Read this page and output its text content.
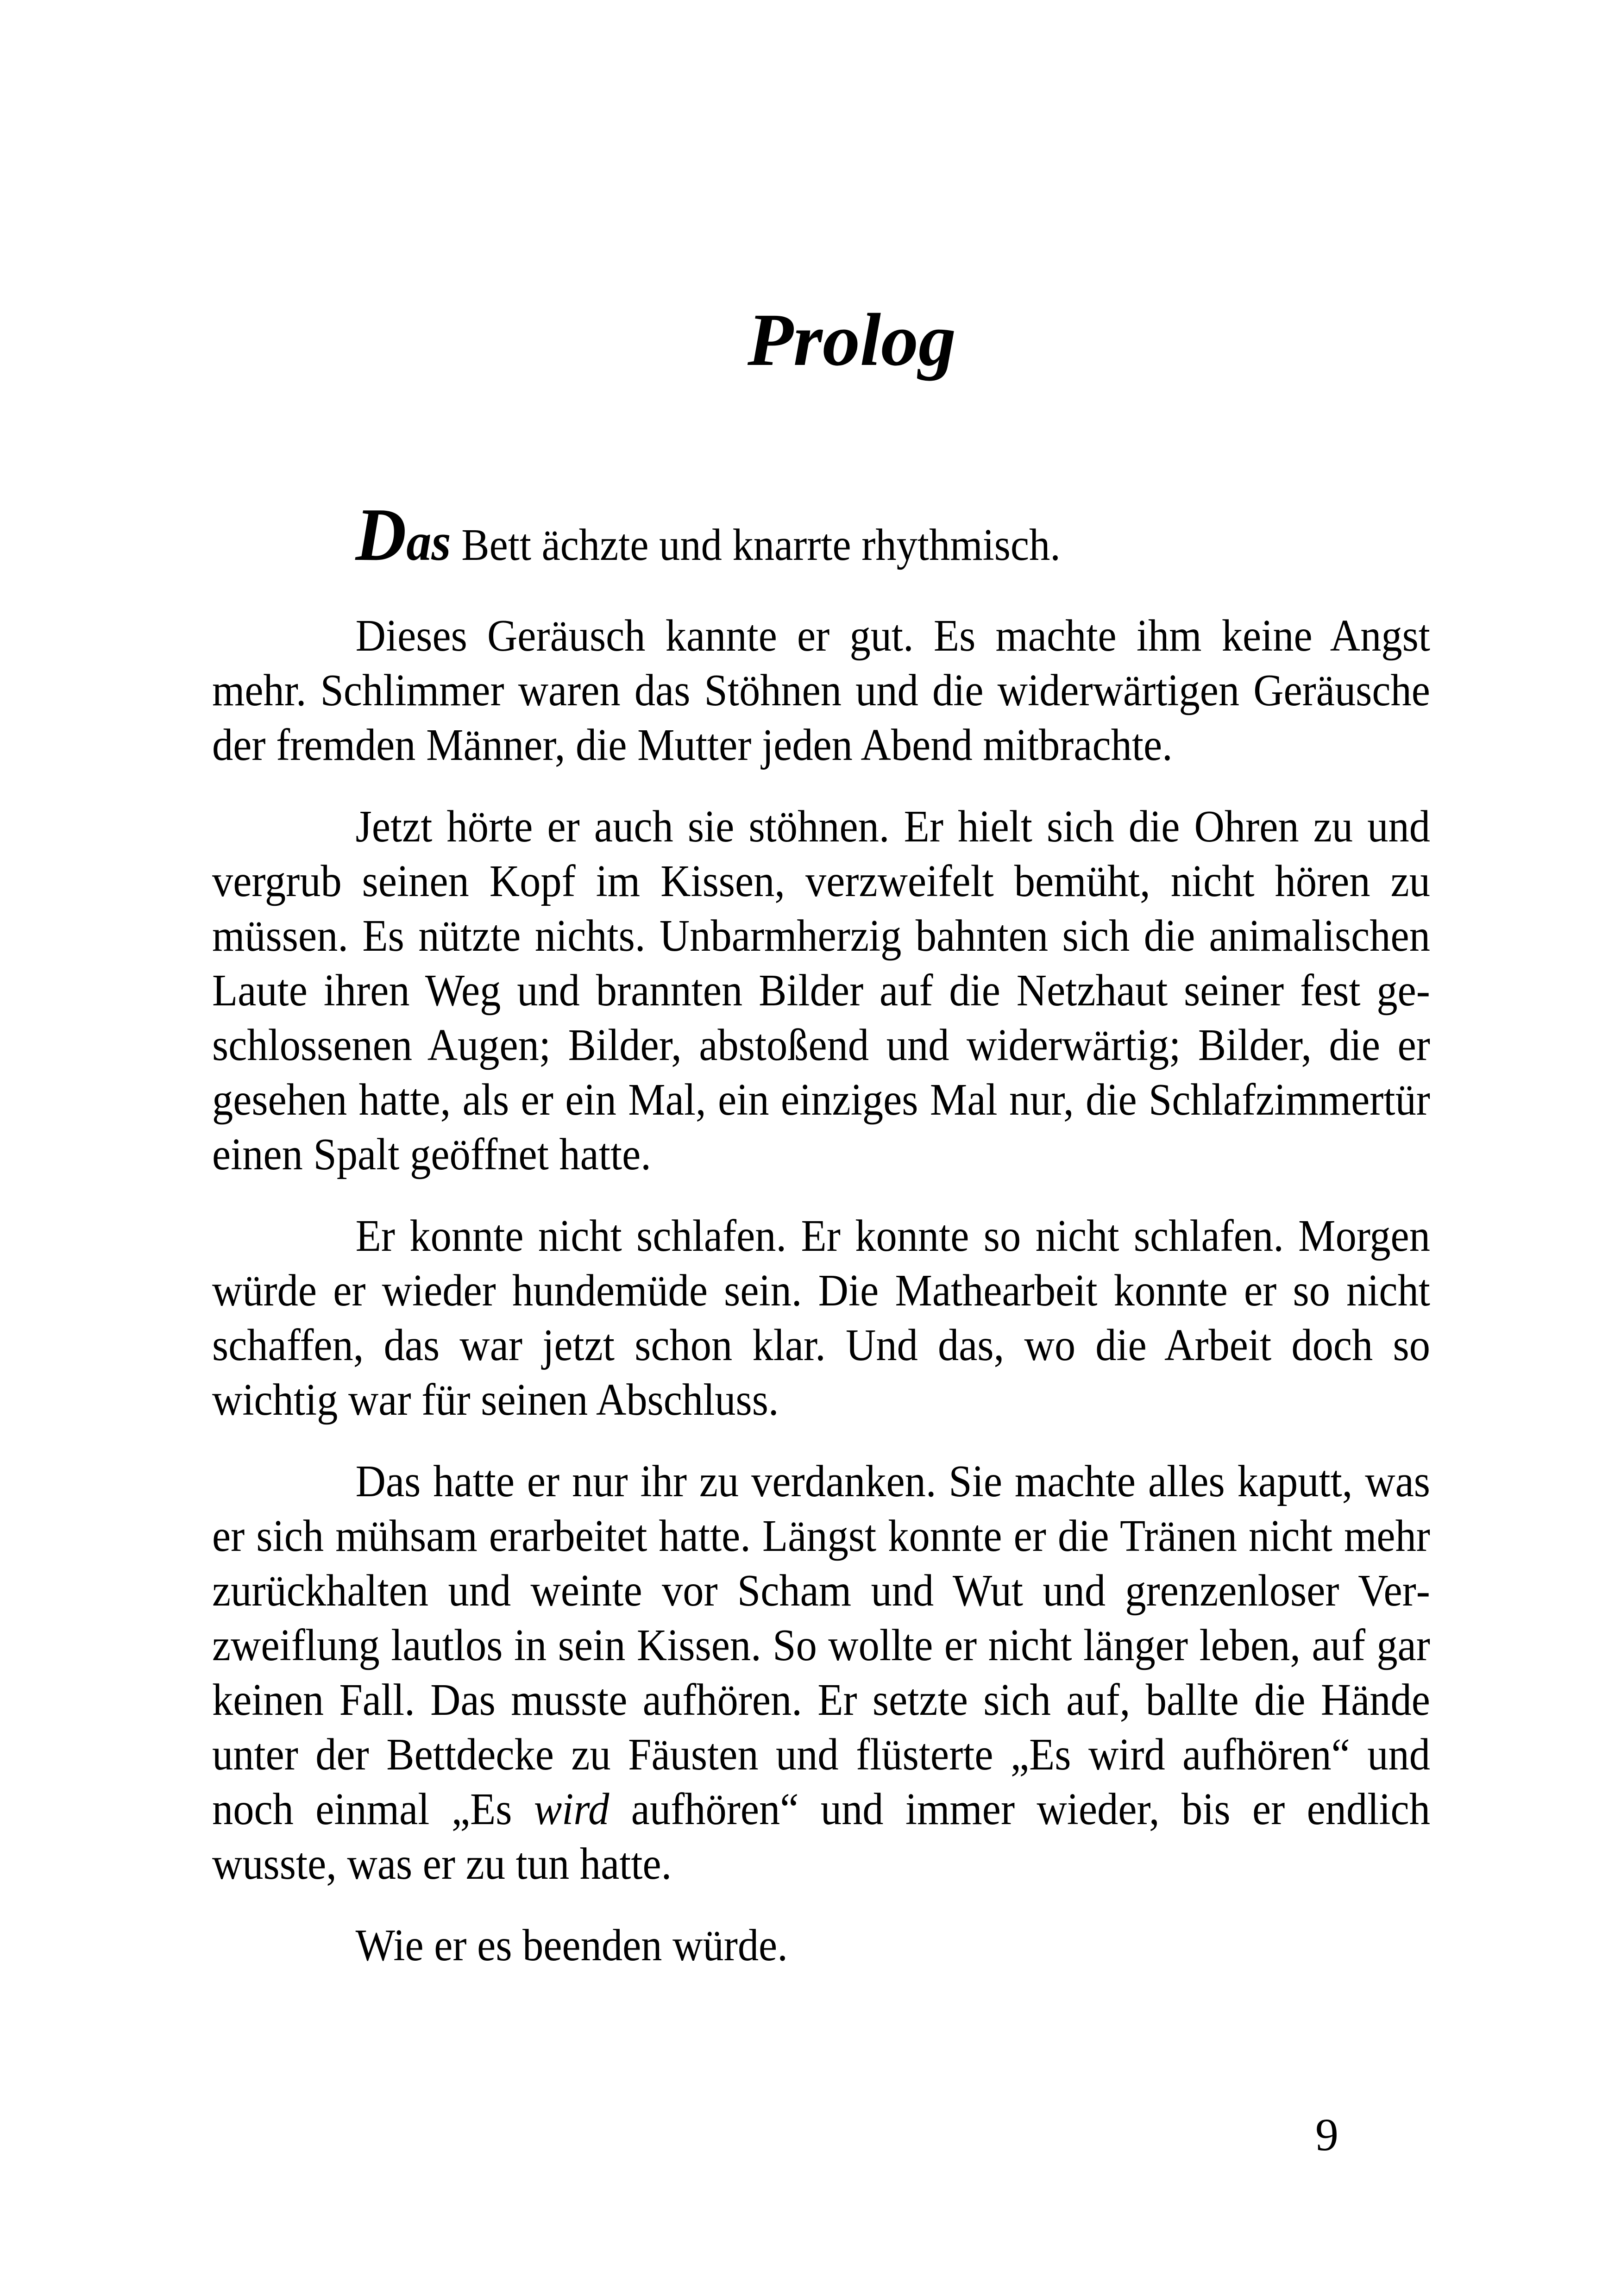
Prolog

Das Bett ächzte und knarrte rhythmisch.

Dieses Geräusch kannte er gut. Es machte ihm keine Angst mehr. Schlimmer waren das Stöhnen und die widerwärtigen Geräusche der fremden Männer, die Mutter jeden Abend mitbrachte.

Jetzt hörte er auch sie stöhnen. Er hielt sich die Ohren zu und vergrub seinen Kopf im Kissen, verzweifelt bemüht, nicht hören zu müssen. Es nützte nichts. Unbarmherzig bahnten sich die animalischen Laute ihren Weg und brannten Bilder auf die Netzhaut seiner fest geschlossenen Augen; Bilder, abstoßend und widerwärtig; Bilder, die er gesehen hatte, als er ein Mal, ein einziges Mal nur, die Schlafzimmertür einen Spalt geöffnet hatte.

Er konnte nicht schlafen. Er konnte so nicht schlafen. Morgen würde er wieder hundemüde sein. Die Mathearbeit konnte er so nicht schaffen, das war jetzt schon klar. Und das, wo die Arbeit doch so wichtig war für seinen Abschluss.

Das hatte er nur ihr zu verdanken. Sie machte alles kaputt, was er sich mühsam erarbeitet hatte. Längst konnte er die Tränen nicht mehr zurückhalten und weinte vor Scham und Wut und grenzenloser Verzweiflung lautlos in sein Kissen. So wollte er nicht länger leben, auf gar keinen Fall. Das musste aufhören. Er setzte sich auf, ballte die Hände unter der Bettdecke zu Fäusten und flüsterte „Es wird aufhören“ und noch einmal „Es wird aufhören“ und immer wieder, bis er endlich wusste, was er zu tun hatte.

Wie er es beenden würde.

9
